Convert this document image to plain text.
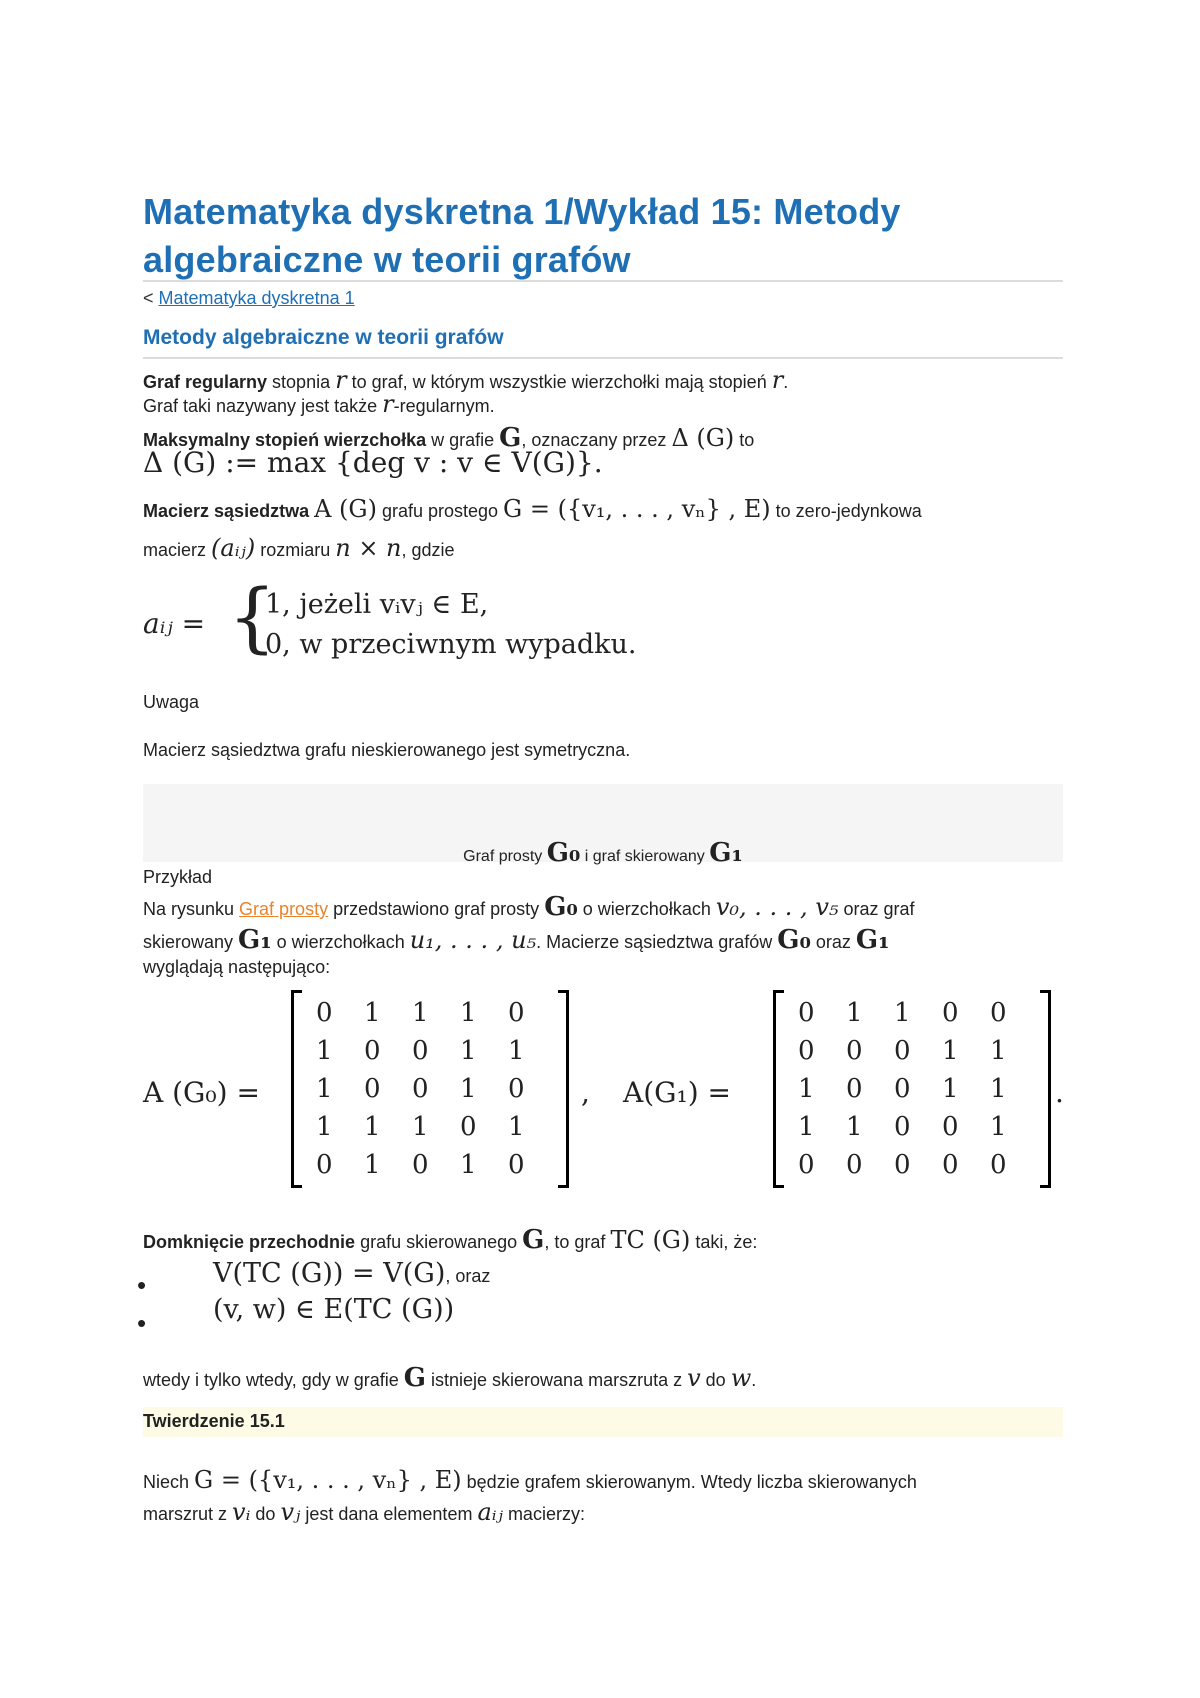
Matematyka dyskretna 1/Wykład 15: Metody algebraiczne w teorii grafów
< Matematyka dyskretna 1
Metody algebraiczne w teorii grafów
Graf regularny stopnia r to graf, w którym wszystkie wierzchołki mają stopień r.
Graf taki nazywany jest także r-regularnym.
Maksymalny stopień wierzchołka w grafie G, oznaczany przez Δ (G) to
Δ (G) := max {deg v : v ∈ V(G)}.
Macierz sąsiedztwa A (G) grafu prostego G = ({v₁, . . . , vₙ} , E) to zero-jedynkowa
macierz (aᵢⱼ) rozmiaru n × n, gdzie
aᵢⱼ = {
1, jeżeli vᵢvⱼ ∈ E,
0, w przeciwnym wypadku.
Uwaga
Macierz sąsiedztwa grafu nieskierowanego jest symetryczna.
Graf prosty G₀ i graf skierowany G₁
Przykład
Na rysunku Graf prosty przedstawiono graf prosty G₀ o wierzchołkach v₀, . . . , v₅ oraz graf
skierowany G₁ o wierzchołkach u₁, . . . , u₅. Macierze sąsiedztwa grafów G₀ oraz G₁
wyglądają następująco:
A (G₀) =
0 1 1 1 0
1 0 0 1 1
1 0 0 1 0
1 1 1 0 1
0 1 0 1 0
, A(G₁) =
0 1 1 0 0
0 0 0 1 1
1 0 0 1 1
1 1 0 0 1
0 0 0 0 0
.
Domknięcie przechodnie grafu skierowanego G, to graf TC (G) taki, że:
• V(TC (G)) = V(G), oraz
• (v, w) ∈ E(TC (G))
wtedy i tylko wtedy, gdy w grafie G istnieje skierowana marszruta z v do w.
Twierdzenie 15.1
Niech G = ({v₁, . . . , vₙ} , E) będzie grafem skierowanym. Wtedy liczba skierowanych
marszrut z vᵢ do vⱼ jest dana elementem aᵢⱼ macierzy:
